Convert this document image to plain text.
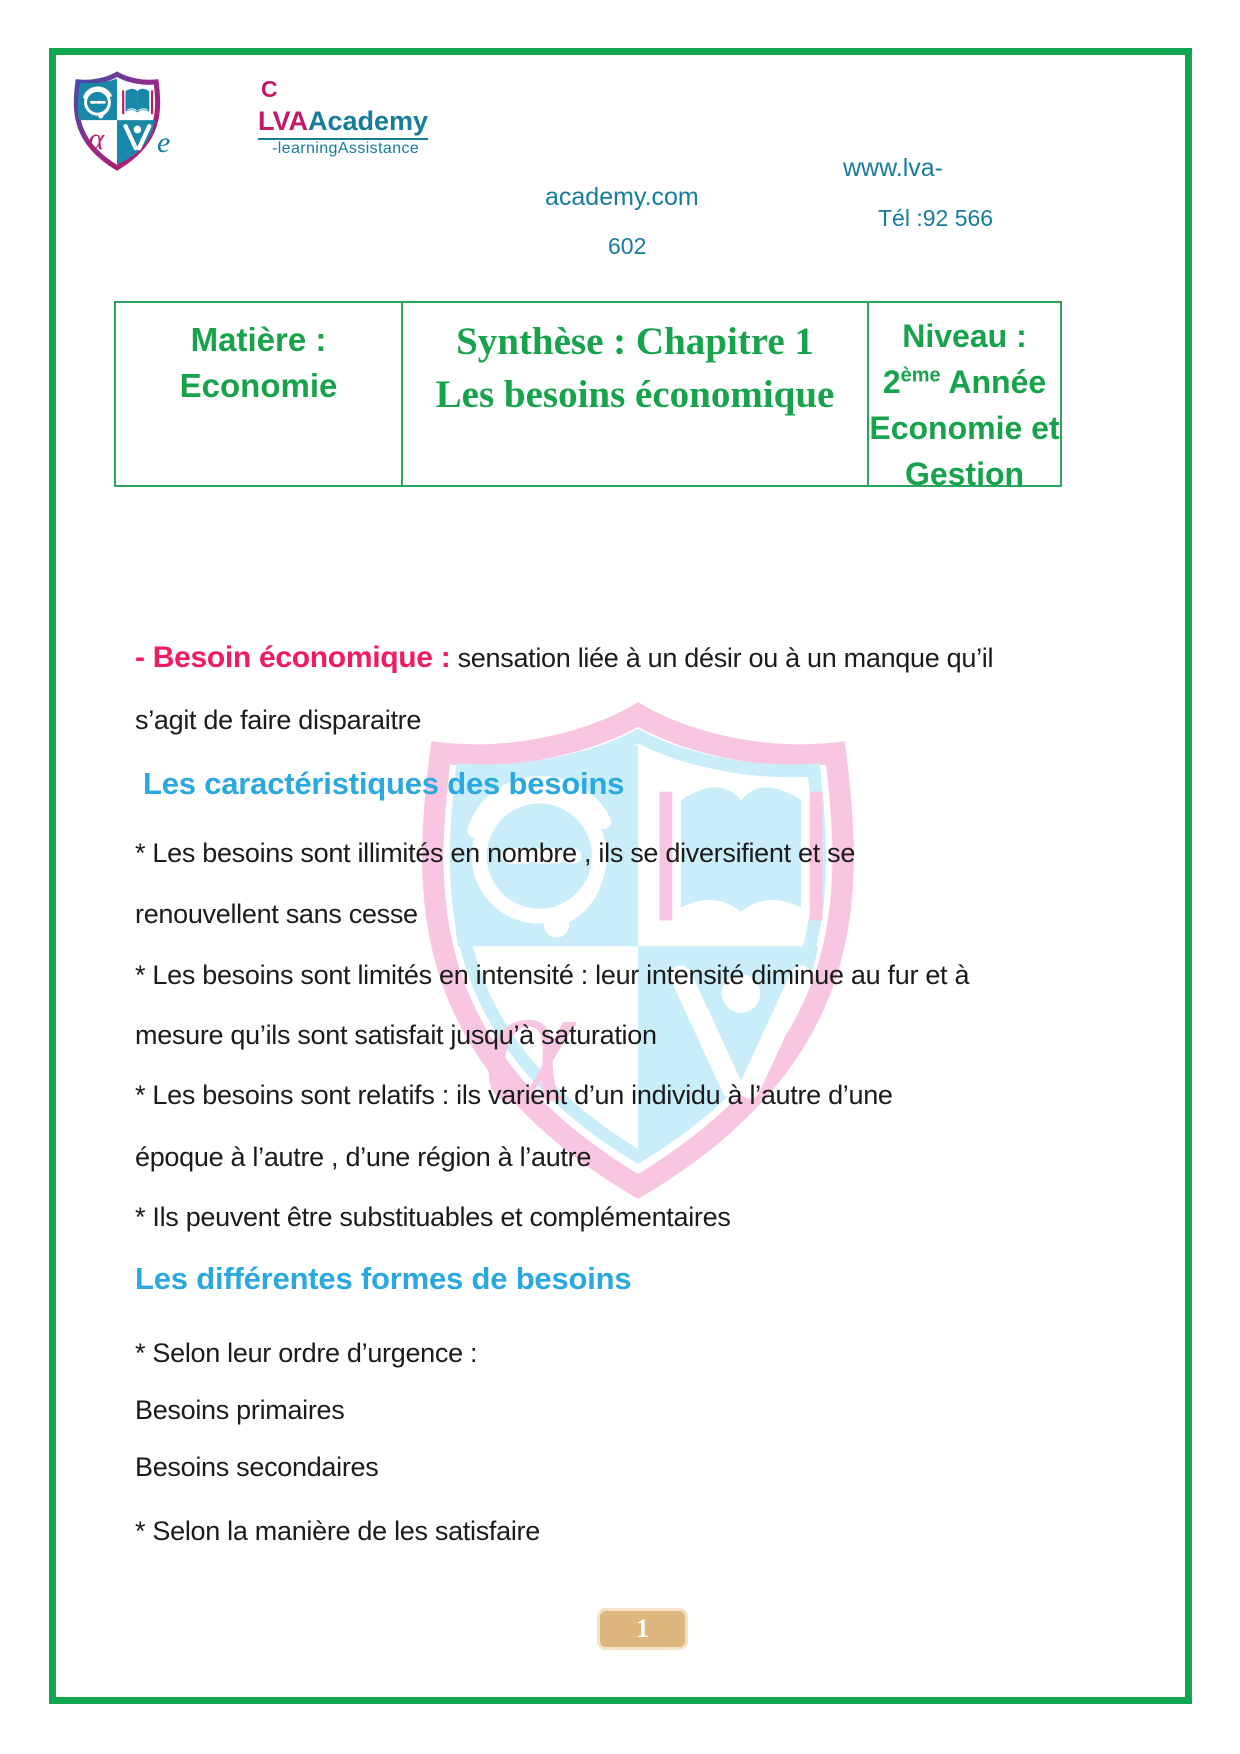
α e
C
LVAAcademy
-learningAssistance
www.lva-
academy.com
Tél :92 566
602
Matière : Economie
Synthèse : Chapitre 1
Les besoins économique
Niveau : 2ème Année Economie et Gestion
α
- Besoin économique : sensation liée à un désir ou à un manque qu’il
s’agit de faire disparaitre
Les caractéristiques des besoins
* Les besoins sont illimités en nombre , ils se diversifient et se
renouvellent sans cesse
* Les besoins sont limités en intensité : leur intensité diminue au fur et à
mesure qu’ils sont satisfait jusqu’à saturation
* Les besoins sont relatifs : ils varient d’un individu à l’autre d’une
époque à l’autre , d’une région à l’autre
* Ils peuvent être substituables et complémentaires
Les différentes formes de besoins
* Selon leur ordre d’urgence :
Besoins primaires
Besoins secondaires
* Selon la manière de les satisfaire
1
